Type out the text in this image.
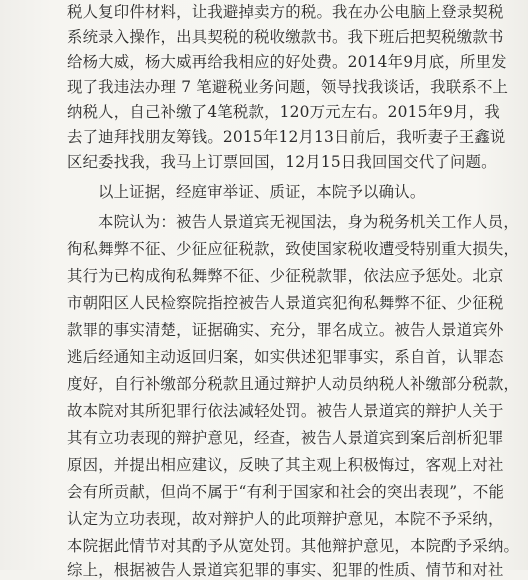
税人复印件材料，让我避掉卖方的税。我在办公电脑上登录契税
系统录入操作，出具契税的税收缴款书。我下班后把契税缴款书
给杨大威，杨大威再给我相应的好处费。2014年9月底，所里发
现了我违法办理 7 笔避税业务问题，领导找我谈话，我联系不上
纳税人，自己补缴了4笔税款，120万元左右。2015年9月，我
去了迪拜找朋友筹钱。2015年12月13日前后，我听妻子王鑫说
区纪委找我，我马上订票回国，12月15日我回国交代了问题。
以上证据，经庭审举证、质证，本院予以确认。
本院认为：被告人景道宾无视国法，身为税务机关工作人员，
徇私舞弊不征、少征应征税款，致使国家税收遭受特别重大损失，
其行为已构成徇私舞弊不征、少征税款罪，依法应予惩处。北京
市朝阳区人民检察院指控被告人景道宾犯徇私舞弊不征、少征税
款罪的事实清楚，证据确实、充分，罪名成立。被告人景道宾外
逃后经通知主动返回归案，如实供述犯罪事实，系自首，认罪态
度好，自行补缴部分税款且通过辩护人动员纳税人补缴部分税款，
故本院对其所犯罪行依法减轻处罚。被告人景道宾的辩护人关于
其有立功表现的辩护意见，经查，被告人景道宾到案后剖析犯罪
原因，并提出相应建议，反映了其主观上积极悔过，客观上对社
会有所贡献，但尚不属于“有利于国家和社会的突出表现”，不能
认定为立功表现，故对辩护人的此项辩护意见，本院不予采纳，
本院据此情节对其酌予从宽处罚。其他辩护意见，本院酌予采纳。
综上，根据被告人景道宾犯罪的事实、犯罪的性质、情节和对社
